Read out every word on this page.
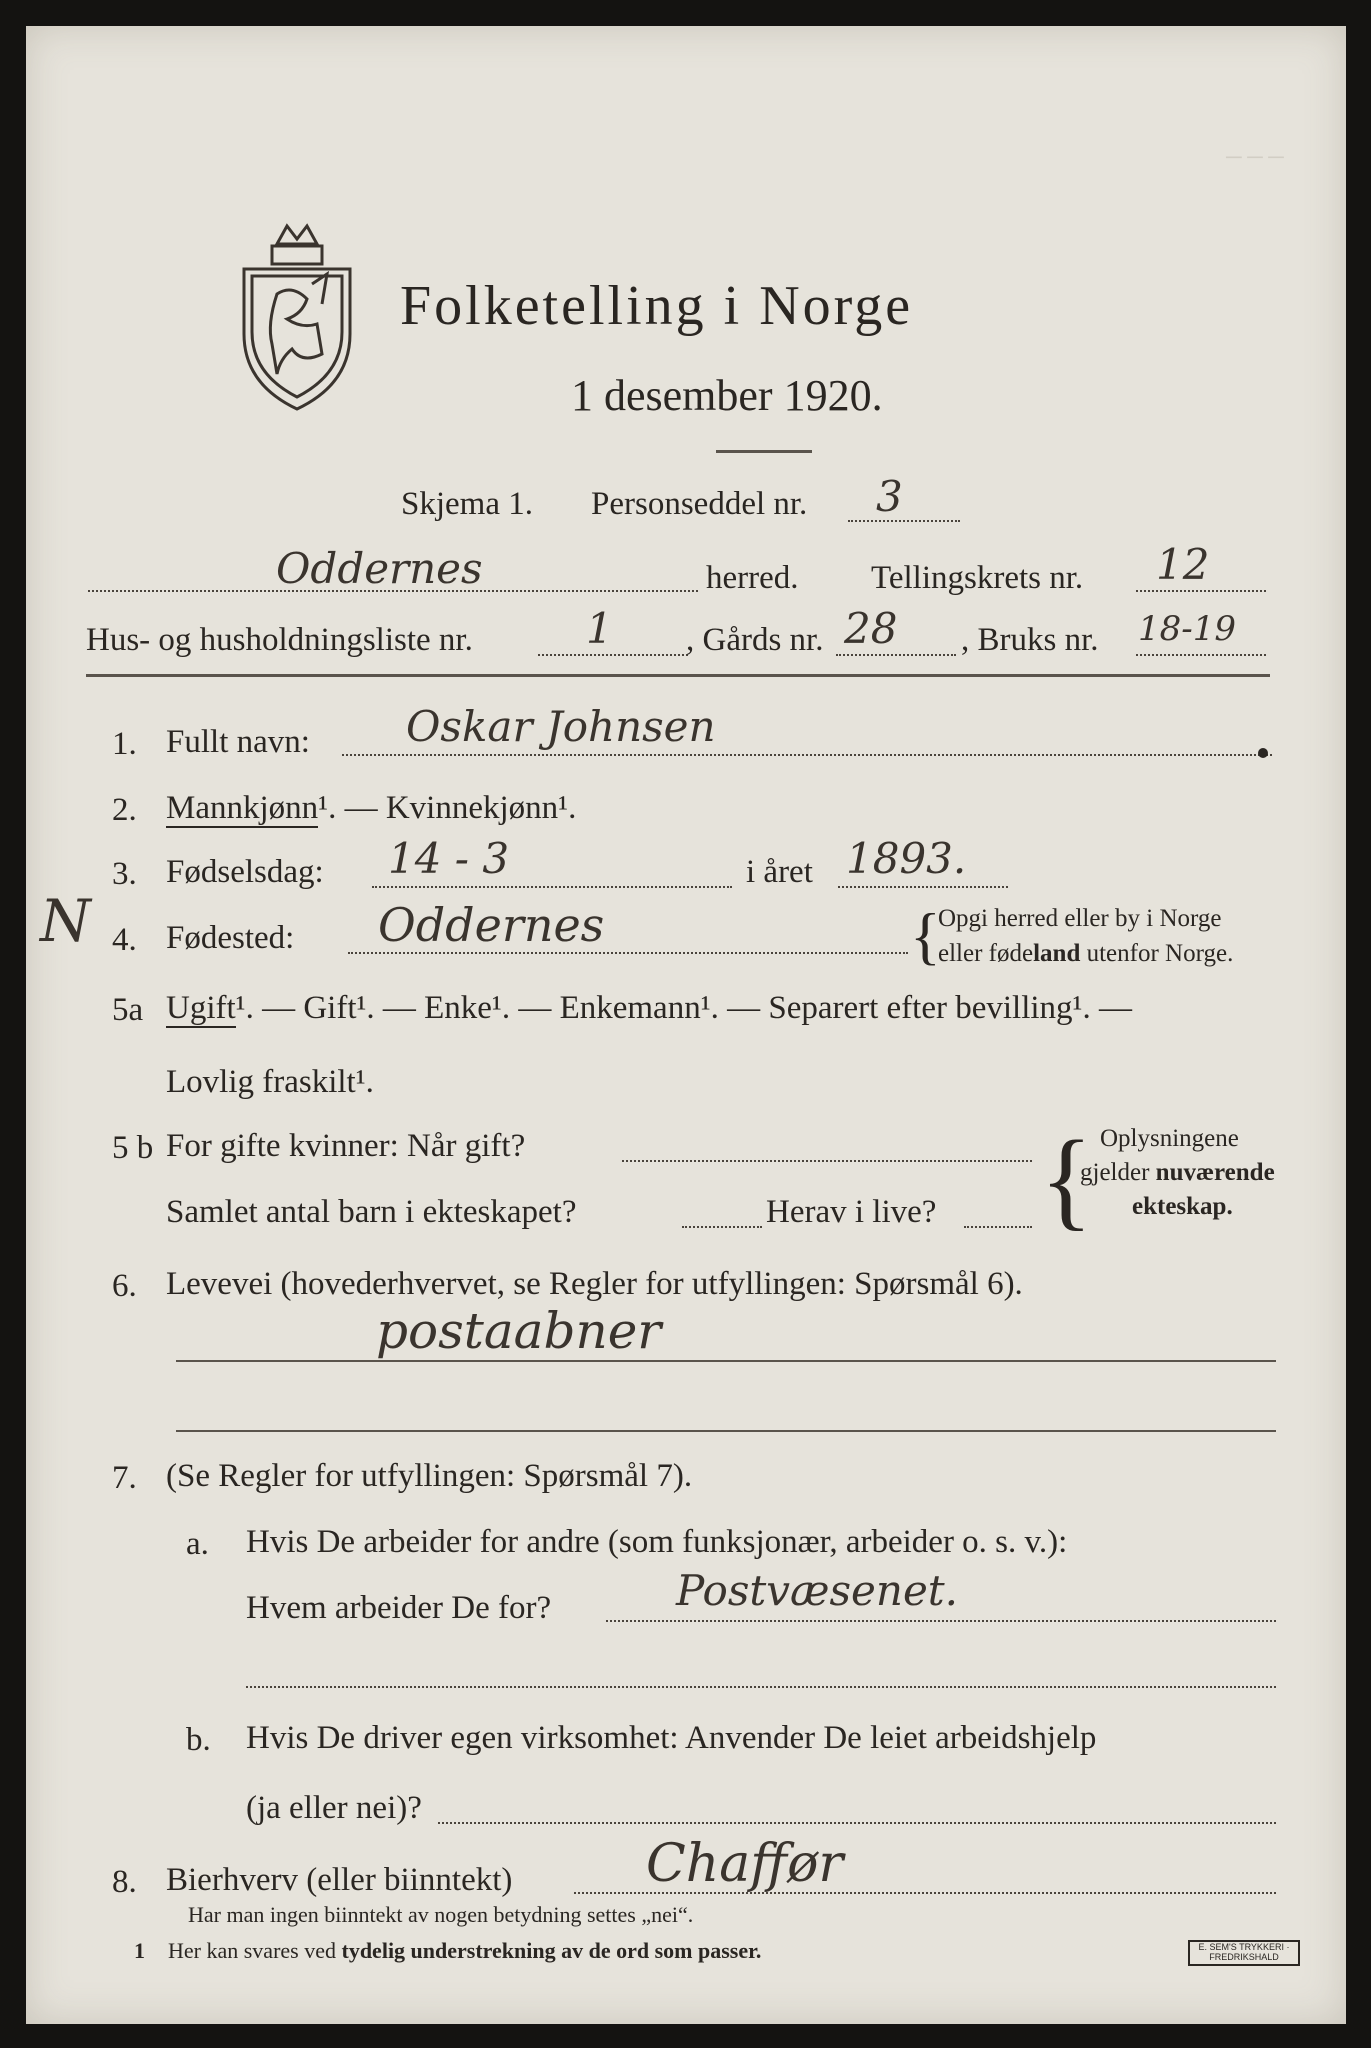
─ ─ ─
Folketelling i Norge
1 desember 1920.
Skjema 1. Personseddel nr. 3
Oddernes	herred. Tellingskrets nr. 12
Hus- og husholdningsliste nr.	1 , Gårds nr. 28 , Bruks nr. 18-19
1. Fullt navn: Oskar Johnsen
2. Mannkjønn¹. — Kvinnekjønn¹.
3. Fødselsdag: 14 - 3	i året 1893.
N 4. Fødested: Oddernes	{
Opgi herred eller by i Norge
eller fødeland utenfor Norge.
5a Ugift¹. — Gift¹. — Enke¹. — Enkemann¹. — Separert efter bevilling¹. —
Lovlig fraskilt¹.
5 b For gifte kvinner: Når gift?
Samlet antal barn i ekteskapet?	Herav i live? { Oplysningene
gjelder nuværende
ekteskap.
6. Levevei (hovederhvervet, se Regler for utfyllingen: Spørsmål 6).
postaabner
7. (Se Regler for utfyllingen: Spørsmål 7).
a. Hvis De arbeider for andre (som funksjonær, arbeider o. s. v.):
Hvem arbeider De for?	Postvæsenet.
b. Hvis De driver egen virksomhet: Anvender De leiet arbeidshjelp
(ja eller nei)?
8. Bierhverv (eller biinntekt)	Chaffør
Har man ingen biinntekt av nogen betydning settes „nei“.
1 Her kan svares ved tydelig understrekning av de ord som passer.	E. SEM'S TRYKKERI · FREDRIKSHALD
